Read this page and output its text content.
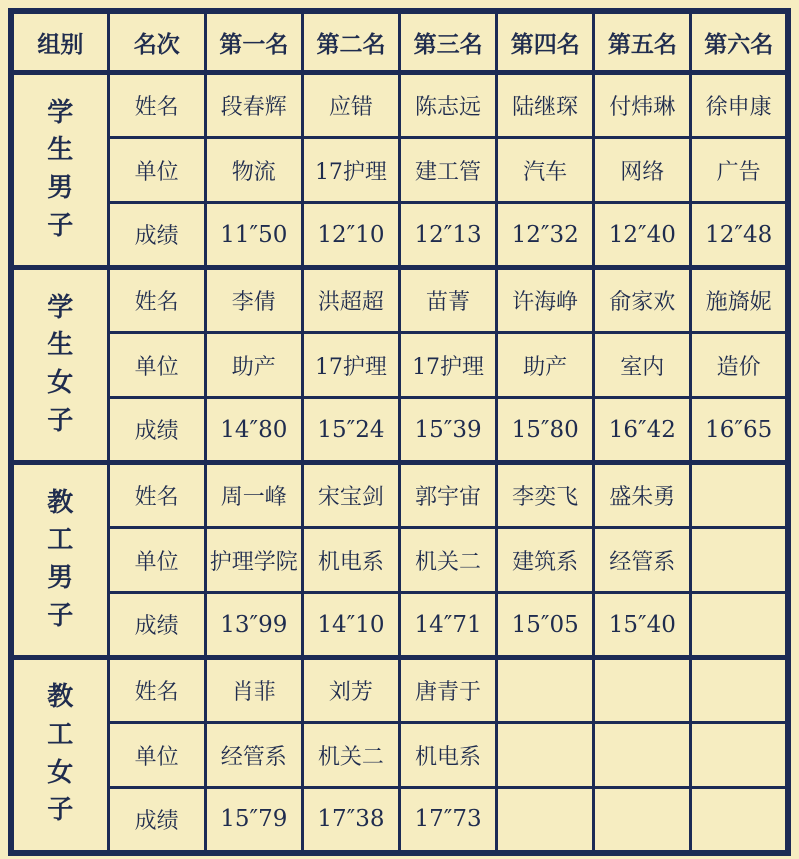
组别	名次	第一名	第二名	第三名	第四名	第五名	第六名
学生男子	姓名	段春辉	应错	陈志远	陆继琛	付炜琳	徐申康
	单位	物流	17护理	建工管	汽车	网络	广告
	成绩	11″50	12″10	12″13	12″32	12″40	12″48
学生女子	姓名	李倩	洪超超	苗菁	许海峥	俞家欢	施旖妮
	单位	助产	17护理	17护理	助产	室内	造价
	成绩	14″80	15″24	15″39	15″80	16″42	16″65
教工男子	姓名	周一峰	宋宝剑	郭宇宙	李奕飞	盛朱勇	
	单位	护理学院	机电系	机关二	建筑系	经管系	
	成绩	13″99	14″10	14″71	15″05	15″40	
教工女子	姓名	肖菲	刘芳	唐青于			
	单位	经管系	机关二	机电系			
	成绩	15″79	17″38	17″73			
